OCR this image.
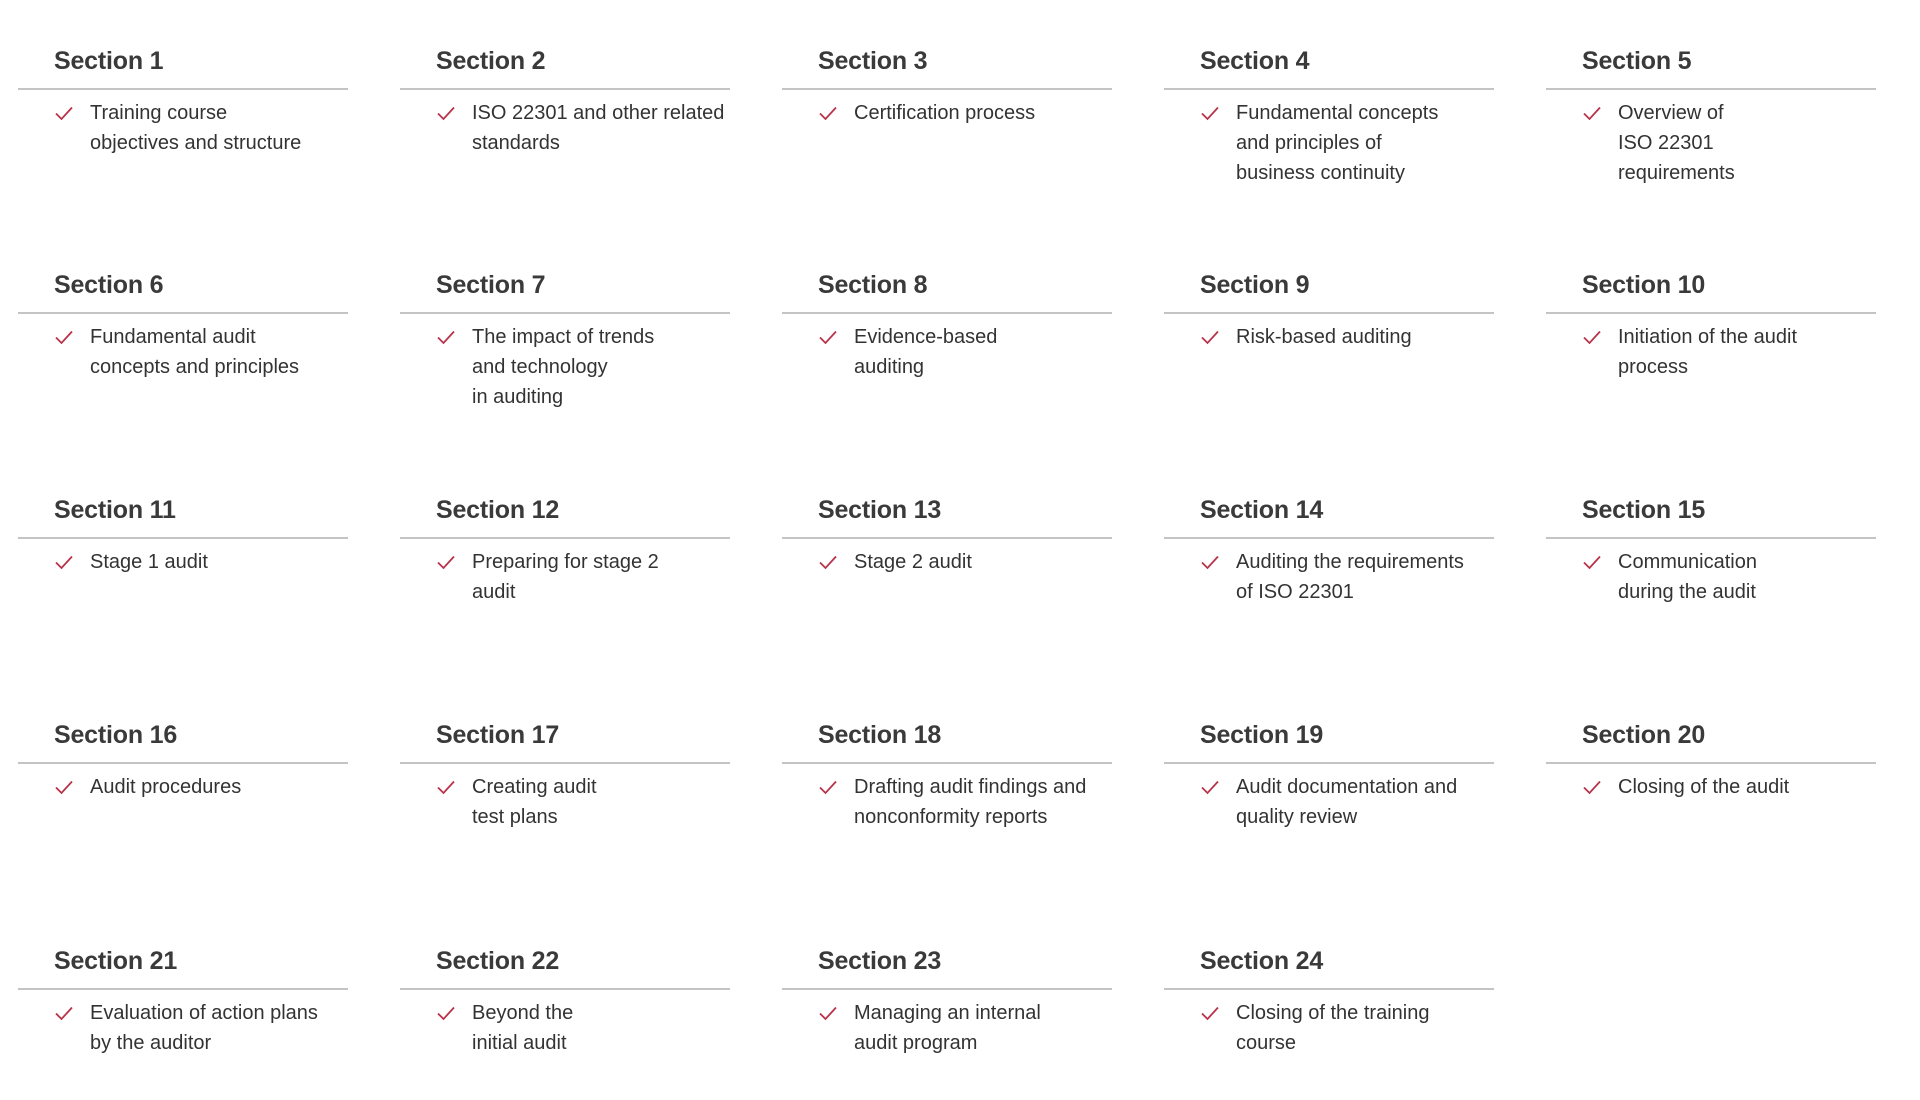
Section 1
Training course
objectives and structure
Section 2
ISO 22301 and other related
standards
Section 3
Certification process
Section 4
Fundamental concepts
and principles of
business continuity
Section 5
Overview of
ISO 22301
requirements
Section 6
Fundamental audit
concepts and principles
Section 7
The impact of trends
and technology
in auditing
Section 8
Evidence-based
auditing
Section 9
Risk-based auditing
Section 10
Initiation of the audit
process
Section 11
Stage 1 audit
Section 12
Preparing for stage 2
audit
Section 13
Stage 2 audit
Section 14
Auditing the requirements
of ISO 22301
Section 15
Communication
during the audit
Section 16
Audit procedures
Section 17
Creating audit
test plans
Section 18
Drafting audit findings and
nonconformity reports
Section 19
Audit documentation and
quality review
Section 20
Closing of the audit
Section 21
Evaluation of action plans
by the auditor
Section 22
Beyond the
initial audit
Section 23
Managing an internal
audit program
Section 24
Closing of the training
course
